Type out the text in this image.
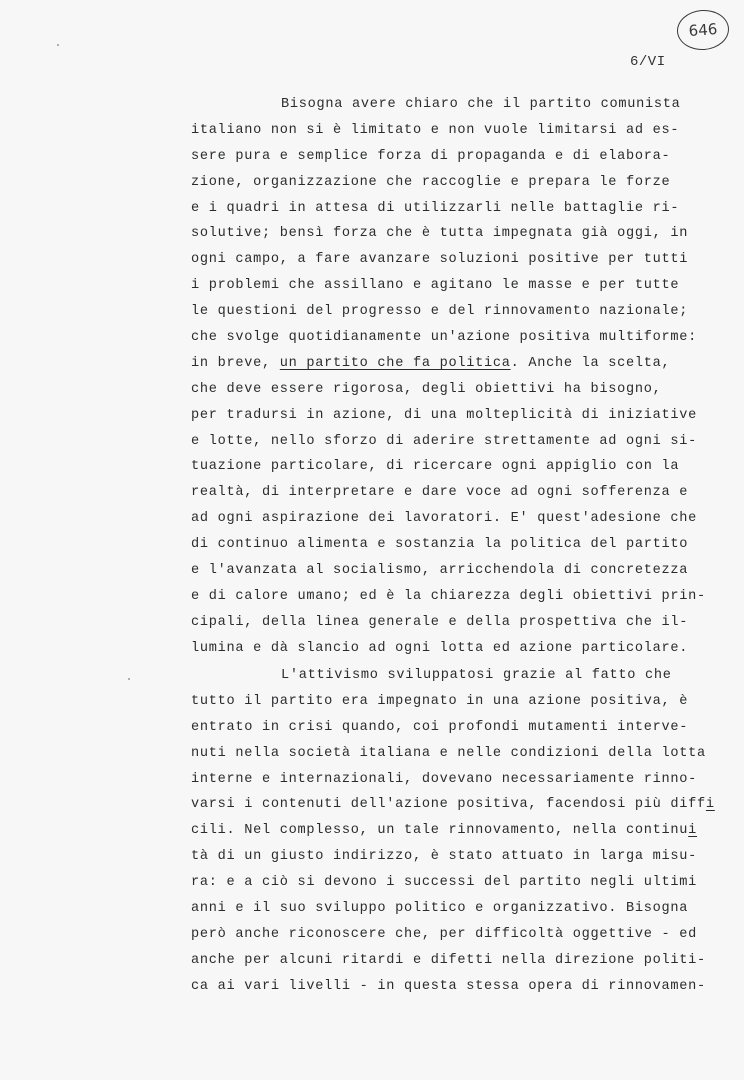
646
6/VI

Bisogna avere chiaro che il partito comunista
italiano non si è limitato e non vuole limitarsi ad es-
sere pura e semplice forza di propaganda e di elabora-
zione, organizzazione che raccoglie e prepara le forze
e i quadri in attesa di utilizzarli nelle battaglie ri-
solutive; bensì forza che è tutta impegnata già oggi, in
ogni campo, a fare avanzare soluzioni positive per tutti
i problemi che assillano e agitano le masse e per tutte
le questioni del progresso e del rinnovamento nazionale;
che svolge quotidianamente un'azione positiva multiforme:
in breve, un partito che fa politica. Anche la scelta,
che deve essere rigorosa, degli obiettivi ha bisogno,
per tradursi in azione, di una molteplicità di iniziative
e lotte, nello sforzo di aderire strettamente ad ogni si-
tuazione particolare, di ricercare ogni appiglio con la
realtà, di interpretare e dare voce ad ogni sofferenza e
ad ogni aspirazione dei lavoratori. E' quest'adesione che
di continuo alimenta e sostanzia la politica del partito
e l'avanzata al socialismo, arricchendola di concretezza
e di calore umano; ed è la chiarezza degli obiettivi prin-
cipali, della linea generale e della prospettiva che il-
lumina e dà slancio ad ogni lotta ed azione particolare.

L'attivismo sviluppatosi grazie al fatto che
tutto il partito era impegnato in una azione positiva, è
entrato in crisi quando, coi profondi mutamenti interve-
nuti nella società italiana e nelle condizioni della lotta
interne e internazionali, dovevano necessariamente rinno-
varsi i contenuti dell'azione positiva, facendosi più diffi
cili. Nel complesso, un tale rinnovamento, nella continui
tà di un giusto indirizzo, è stato attuato in larga misu-
ra: e a ciò si devono i successi del partito negli ultimi
anni e il suo sviluppo politico e organizzativo. Bisogna
però anche riconoscere che, per difficoltà oggettive - ed
anche per alcuni ritardi e difetti nella direzione politi-
ca ai vari livelli - in questa stessa opera di rinnovamen-
